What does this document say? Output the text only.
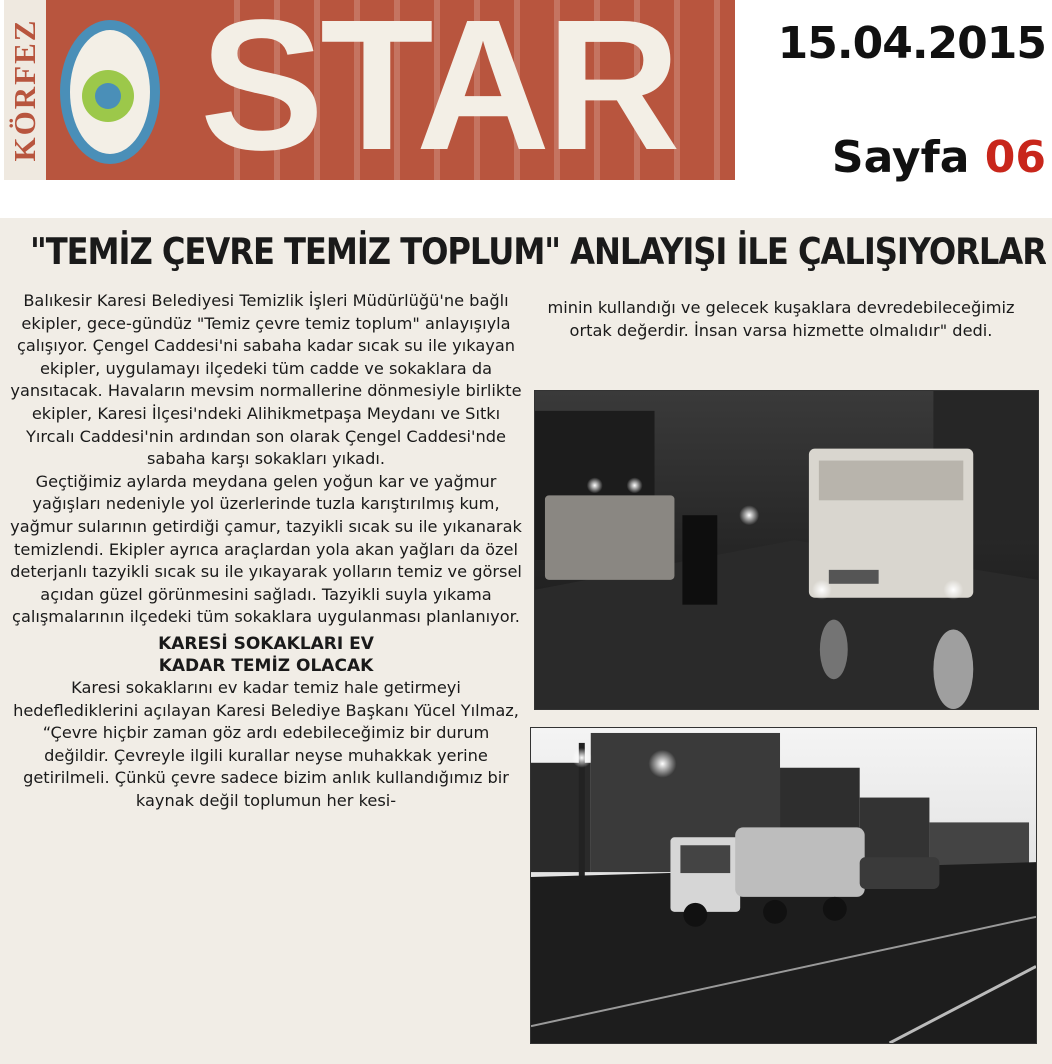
KÖRFEZ STAR 15.04.2015
Sayfa 06
"TEMİZ ÇEVRE TEMİZ TOPLUM" ANLAYIŞI İLE ÇALIŞIYORLAR

Balıkesir Karesi Belediyesi Temizlik İşleri Müdürlüğü'ne bağlı ekipler, gece-gündüz "Temiz çevre temiz toplum" anlayışıyla çalışıyor. Çengel Caddesi'ni sabaha kadar sıcak su ile yıkayan ekipler, uygulamayı ilçedeki tüm cadde ve sokaklara da yansıtacak. Havaların mevsim normallerine dönmesiyle birlikte ekipler, Karesi İlçesi'ndeki Alihikmetpaşa Meydanı ve Sıtkı Yırcalı Caddesi'nin ardından son olarak Çengel Caddesi'nde sabaha karşı sokakları yıkadı.

Geçtiğimiz aylarda meydana gelen yoğun kar ve yağmur yağışları nedeniyle yol üzerlerinde tuzla karıştırılmış kum, yağmur sularının getirdiği çamur, tazyikli sıcak su ile yıkanarak temizlendi. Ekipler ayrıca araçlardan yola akan yağları da özel deterjanlı tazyikli sıcak su ile yıkayarak yolların temiz ve görsel açıdan güzel görünmesini sağladı. Tazyikli suyla yıkama çalışmalarının ilçedeki tüm sokaklara uygulanması planlanıyor.

KARESİ SOKAKLARI EV
KADAR TEMİZ OLACAK

Karesi sokaklarını ev kadar temiz hale getirmeyi hedeflediklerini açılayan Karesi Belediye Başkanı Yücel Yılmaz, “Çevre hiçbir zaman göz ardı edebileceğimiz bir durum değildir. Çevreyle ilgili kurallar neyse muhakkak yerine getirilmeli. Çünkü çevre sadece bizim anlık kullandığımız bir kaynak değil toplumun her kesi-

minin kullandığı ve gelecek kuşaklara devredebileceğimiz ortak değerdir. İnsan varsa hizmette olmalıdır" dedi.
